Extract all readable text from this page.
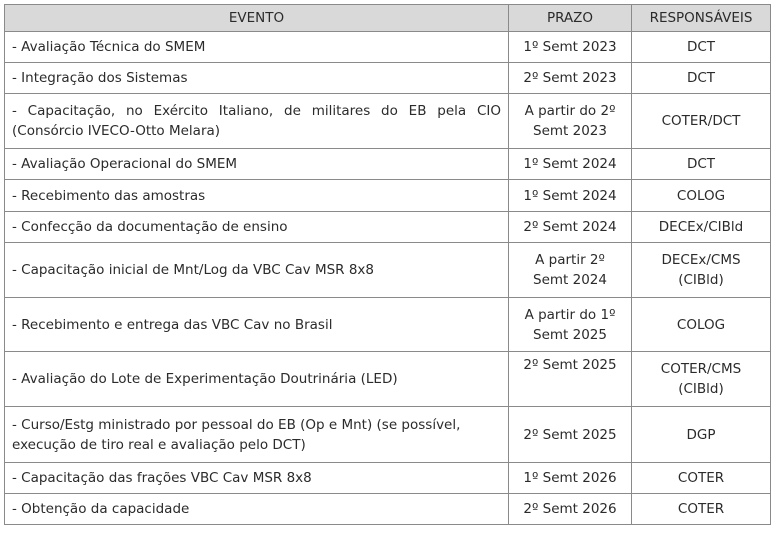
EVENTO	PRAZO	RESPONSÁVEIS
- Avaliação Técnica do SMEM	1º Semt 2023	DCT
- Integração dos Sistemas	2º Semt 2023	DCT
- Capacitação, no Exército Italiano, de militares do EB pela CIO (Consórcio IVECO-Otto Melara)	A partir do 2º Semt 2023	COTER/DCT
- Avaliação Operacional do SMEM	1º Semt 2024	DCT
- Recebimento das amostras	1º Semt 2024	COLOG
- Confecção da documentação de ensino	2º Semt 2024	DECEx/CIBld
- Capacitação inicial de Mnt/Log da VBC Cav MSR 8x8	A partir 2º Semt 2024	DECEx/CMS (CIBld)
- Recebimento e entrega das VBC Cav no Brasil	A partir do 1º Semt 2025	COLOG
- Avaliação do Lote de Experimentação Doutrinária (LED)	2º Semt 2025	COTER/CMS (CIBld)
- Curso/Estg ministrado por pessoal do EB (Op e Mnt) (se possível, execução de tiro real e avaliação pelo DCT)	2º Semt 2025	DGP
- Capacitação das frações VBC Cav MSR 8x8	1º Semt 2026	COTER
- Obtenção da capacidade	2º Semt 2026	COTER
